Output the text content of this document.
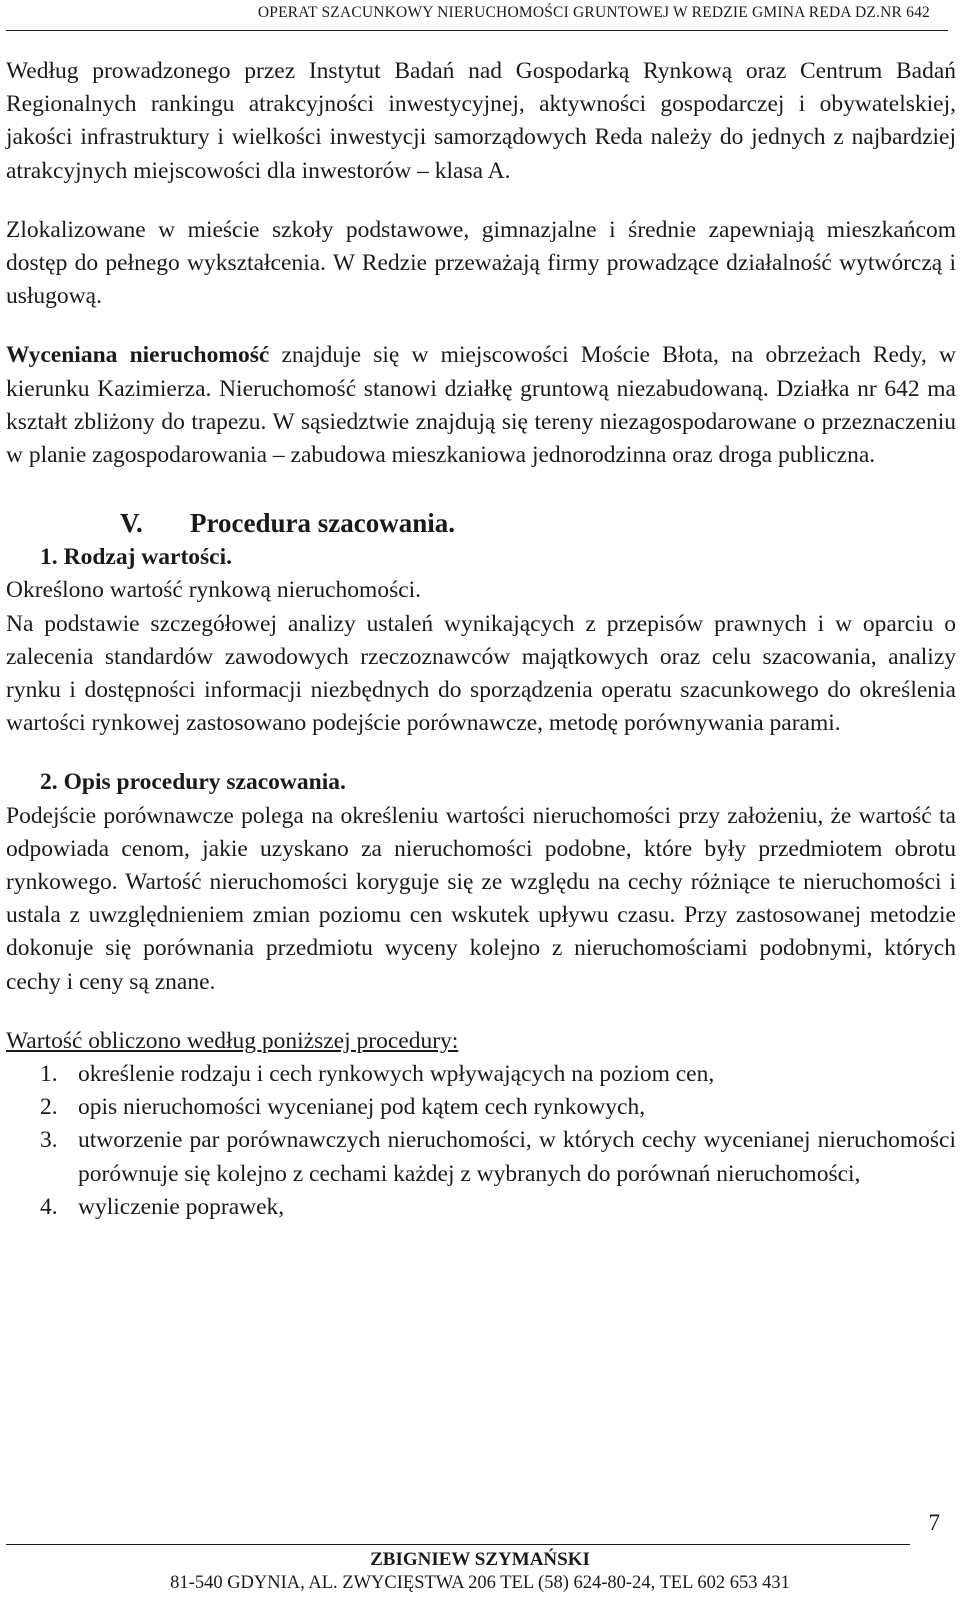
OPERAT SZACUNKOWY NIERUCHOMOŚCI GRUNTOWEJ W REDZIE GMINA REDA DZ.NR 642

Według prowadzonego przez Instytut Badań nad Gospodarką Rynkową oraz Centrum Badań Regionalnych rankingu atrakcyjności inwestycyjnej, aktywności gospodarczej i obywatelskiej, jakości infrastruktury i wielkości inwestycji samorządowych Reda należy do jednych z najbardziej atrakcyjnych miejscowości dla inwestorów – klasa A.

Zlokalizowane w mieście szkoły podstawowe, gimnazjalne i średnie zapewniają mieszkańcom dostęp do pełnego wykształcenia. W Redzie przeważają firmy prowadzące działalność wytwórczą i usługową.

Wyceniana nieruchomość znajduje się w miejscowości Moście Błota, na obrzeżach Redy, w kierunku Kazimierza. Nieruchomość stanowi działkę gruntową niezabudowaną. Działka nr 642 ma kształt zbliżony do trapezu. W sąsiedztwie znajdują się tereny niezagospodarowane o przeznaczeniu w planie zagospodarowania – zabudowa mieszkaniowa jednorodzinna oraz droga publiczna.

V. Procedura szacowania.
1. Rodzaj wartości.

Określono wartość rynkową nieruchomości.

Na podstawie szczegółowej analizy ustaleń wynikających z przepisów prawnych i w oparciu o zalecenia standardów zawodowych rzeczoznawców majątkowych oraz celu szacowania, analizy rynku i dostępności informacji niezbędnych do sporządzenia operatu szacunkowego do określenia wartości rynkowej zastosowano podejście porównawcze, metodę porównywania parami.

2. Opis procedury szacowania.

Podejście porównawcze polega na określeniu wartości nieruchomości przy założeniu, że wartość ta odpowiada cenom, jakie uzyskano za nieruchomości podobne, które były przedmiotem obrotu rynkowego. Wartość nieruchomości koryguje się ze względu na cechy różniące te nieruchomości i ustala z uwzględnieniem zmian poziomu cen wskutek upływu czasu. Przy zastosowanej metodzie dokonuje się porównania przedmiotu wyceny kolejno z nieruchomościami podobnymi, których cechy i ceny są znane.

Wartość obliczono według poniższej procedury:

1. określenie rodzaju i cech rynkowych wpływających na poziom cen,
2. opis nieruchomości wycenianej pod kątem cech rynkowych,
3. utworzenie par porównawczych nieruchomości, w których cechy wycenianej nieruchomości porównuje się kolejno z cechami każdej z wybranych do porównań nieruchomości,
4. wyliczenie poprawek,
7
ZBIGNIEW SZYMAŃSKI
81-540 GDYNIA, AL. ZWYCIĘSTWA 206 TEL (58) 624-80-24, TEL 602 653 431
